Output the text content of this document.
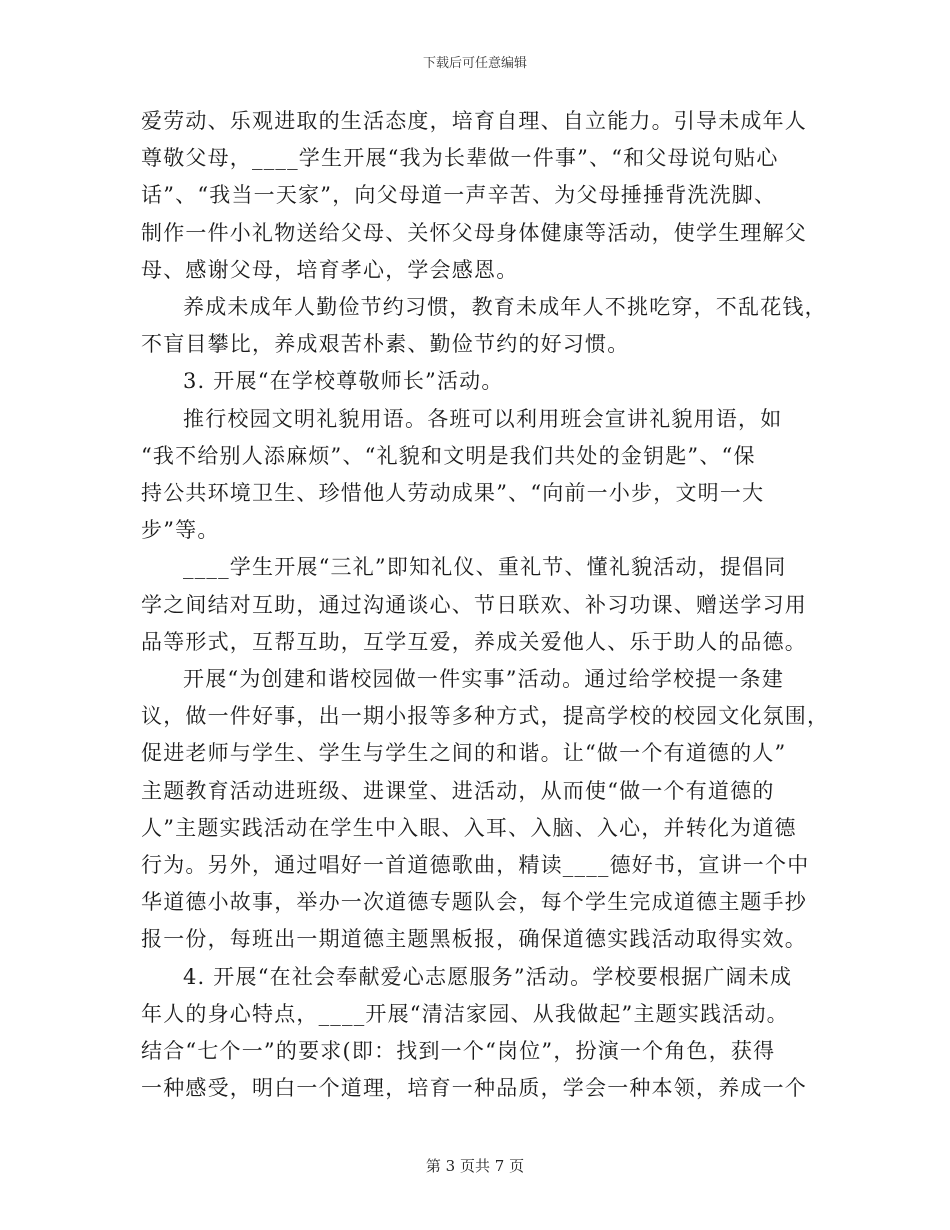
下载后可任意编辑

爱劳动、乐观进取的生活态度，培育自理、自立能力。引导未成年人
尊敬父母，____学生开展“我为长辈做一件事”、“和父母说句贴心
话”、“我当一天家”，向父母道一声辛苦、为父母捶捶背洗洗脚、
制作一件小礼物送给父母、关怀父母身体健康等活动，使学生理解父
母、感谢父母，培育孝心，学会感恩。

养成未成年人勤俭节约习惯，教育未成年人不挑吃穿，不乱花钱，
不盲目攀比，养成艰苦朴素、勤俭节约的好习惯。

3. 开展“在学校尊敬师长”活动。

推行校园文明礼貌用语。各班可以利用班会宣讲礼貌用语，如
“我不给别人添麻烦”、“礼貌和文明是我们共处的金钥匙”、“保
持公共环境卫生、珍惜他人劳动成果”、“向前一小步，文明一大
步”等。

____学生开展“三礼”即知礼仪、重礼节、懂礼貌活动，提倡同
学之间结对互助，通过沟通谈心、节日联欢、补习功课、赠送学习用
品等形式，互帮互助，互学互爱，养成关爱他人、乐于助人的品德。

开展“为创建和谐校园做一件实事”活动。通过给学校提一条建
议，做一件好事，出一期小报等多种方式，提高学校的校园文化氛围，
促进老师与学生、学生与学生之间的和谐。让“做一个有道德的人”
主题教育活动进班级、进课堂、进活动，从而使“做一个有道德的
人”主题实践活动在学生中入眼、入耳、入脑、入心，并转化为道德
行为。另外，通过唱好一首道德歌曲，精读____德好书，宣讲一个中
华道德小故事，举办一次道德专题队会，每个学生完成道德主题手抄
报一份，每班出一期道德主题黑板报，确保道德实践活动取得实效。

4. 开展“在社会奉献爱心志愿服务”活动。学校要根据广阔未成
年人的身心特点，____开展“清洁家园、从我做起”主题实践活动。
结合“七个一”的要求(即：找到一个“岗位”，扮演一个角色，获得
一种感受，明白一个道理，培育一种品质，学会一种本领，养成一个

第 3 页共 7 页
